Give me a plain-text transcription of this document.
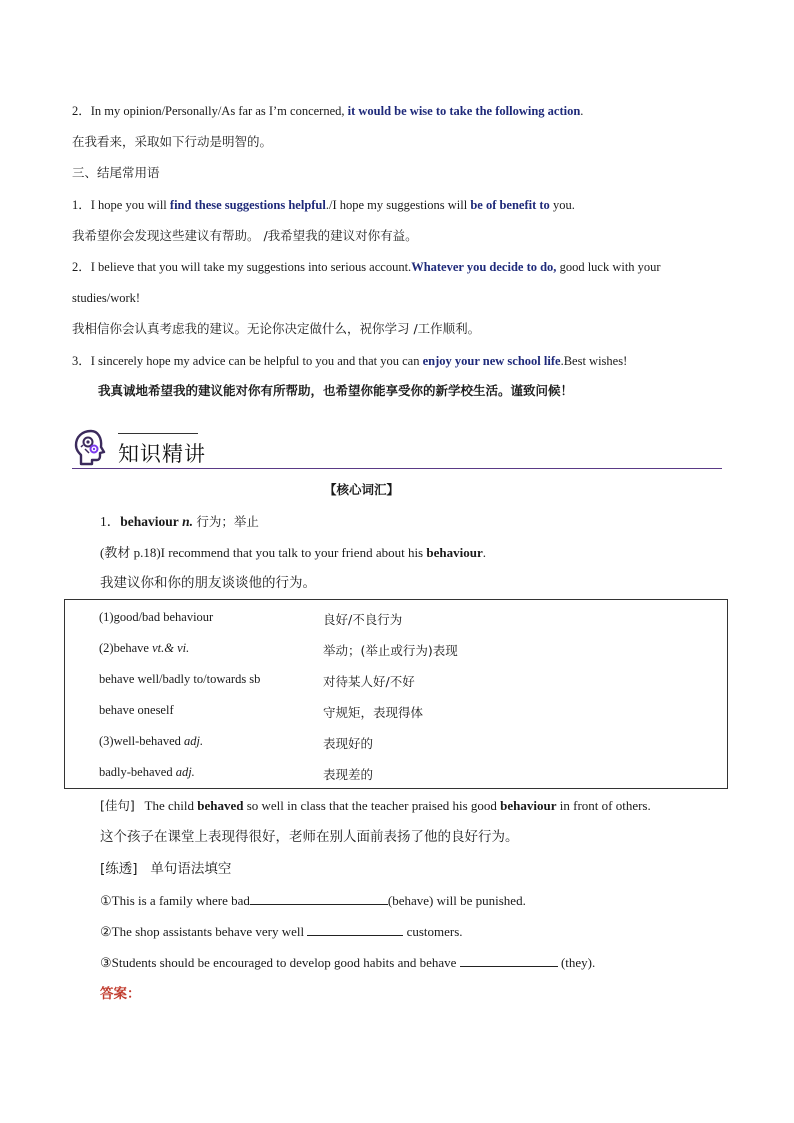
2．In my opinion/Personally/As far as I’m concerned, it would be wise to take the following action.
在我看来，采取如下行动是明智的。
三、结尾常用语
1．I hope you will find these suggestions helpful./I hope my suggestions will be of benefit to you.
我希望你会发现这些建议有帮助。 /我希望我的建议对你有益。
2．I believe that you will take my suggestions into serious account.Whatever you decide to do, good luck with your
studies/work!
我相信你会认真考虑我的建议。无论你决定做什么，祝你学习 /工作顺利。
3．I sincerely hope my advice can be helpful to you and that you can enjoy your new school life.Best wishes!
我真诚地希望我的建议能对你有所帮助，也希望你能享受你的新学校生活。谨致问候！
知识精讲
【核心词汇】
1．behaviour n. 行为；举止
(教材 p.18)I recommend that you talk to your friend about his behaviour.
我建议你和你的朋友谈谈他的行为。
(1)good/bad behaviour	良好/不良行为
(2)behave vt.& vi.	举动；(举止或行为)表现
behave well/badly to/towards sb	对待某人好/不好
behave oneself	守规矩，表现得体
(3)well-behaved adj.	表现好的
badly-behaved adj.	表现差的
[佳句] The child behaved so well in class that the teacher praised his good behaviour in front of others.
这个孩子在课堂上表现得很好，老师在别人面前表扬了他的良好行为。
[练透] 单句语法填空
①This is a family where bad	(behave) will be punished.
②The shop assistants behave very well	customers.
③Students should be encouraged to develop good habits and behave	(they).
答案：
